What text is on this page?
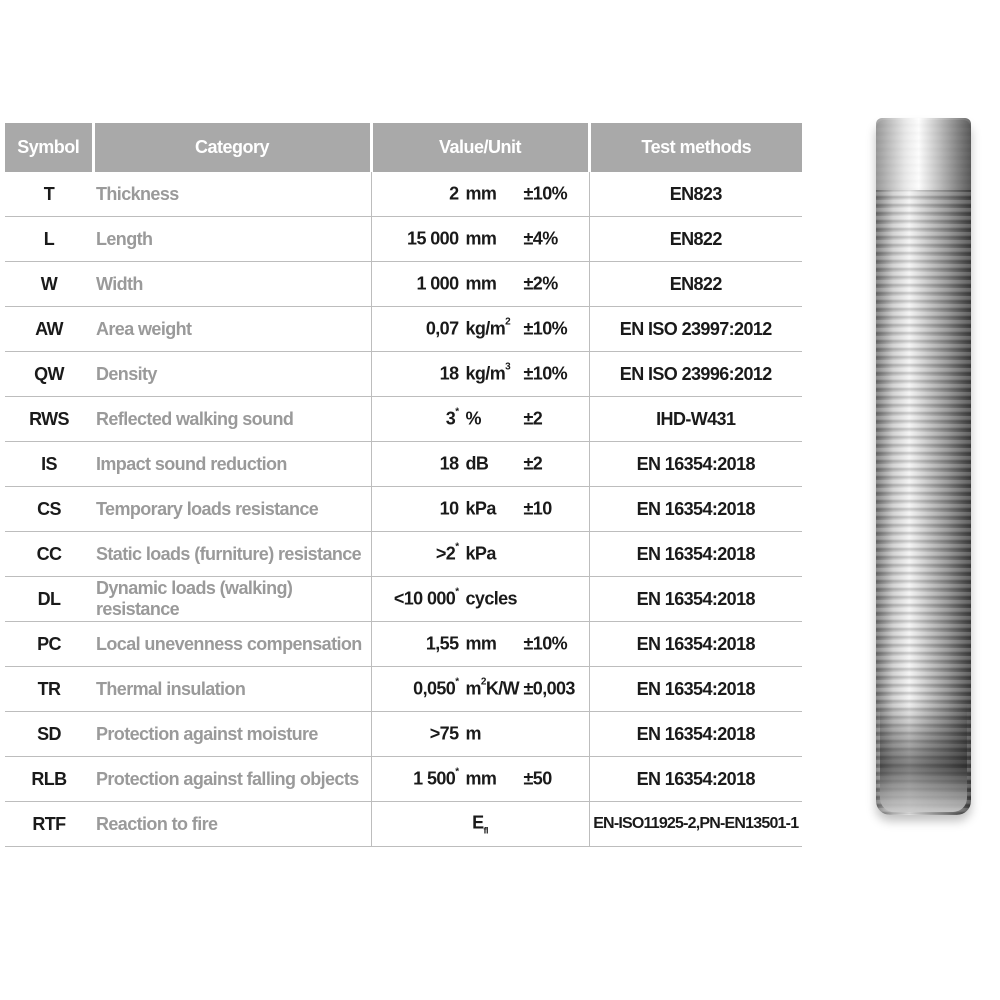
Symbol	Category	Value/Unit	Test methods
T	Thickness	2 mm ±10%	EN823
L	Length	15 000 mm ±4%	EN822
W	Width	1 000 mm ±2%	EN822
AW	Area weight	0,07 $kg/m^2 \pm 10\%$	EN ISO 23997:2012
QW	Density	18 $kg/m^3 \pm 10\%$	EN ISO 23996:2012
RWS	Reflected walking sound	3* % ±2	IHD-W431
IS	Impact sound reduction	18 dB ±2	EN 16354:2018
CS	Temporary loads resistance	10 kPa ±10	EN 16354:2018
CC	Static loads (furniture) resistance	>2* kPa	EN 16354:2018
DL	Dynamic loads (walking) resistance	<10 000* cycles	EN 16354:2018
PC	Local unevenness compensation	1,55 mm ±10%	EN 16354:2018
TR	Thermal insulation	0,050* $m^2K/W \pm 0,003$	EN 16354:2018
SD	Protection against moisture	>75 m	EN 16354:2018
RLB	Protection against falling objects	1 500* mm ±50	EN 16354:2018
RTF	Reaction to fire	$E_{fl}$	EN-ISO11925-2,PN-EN13501-1
